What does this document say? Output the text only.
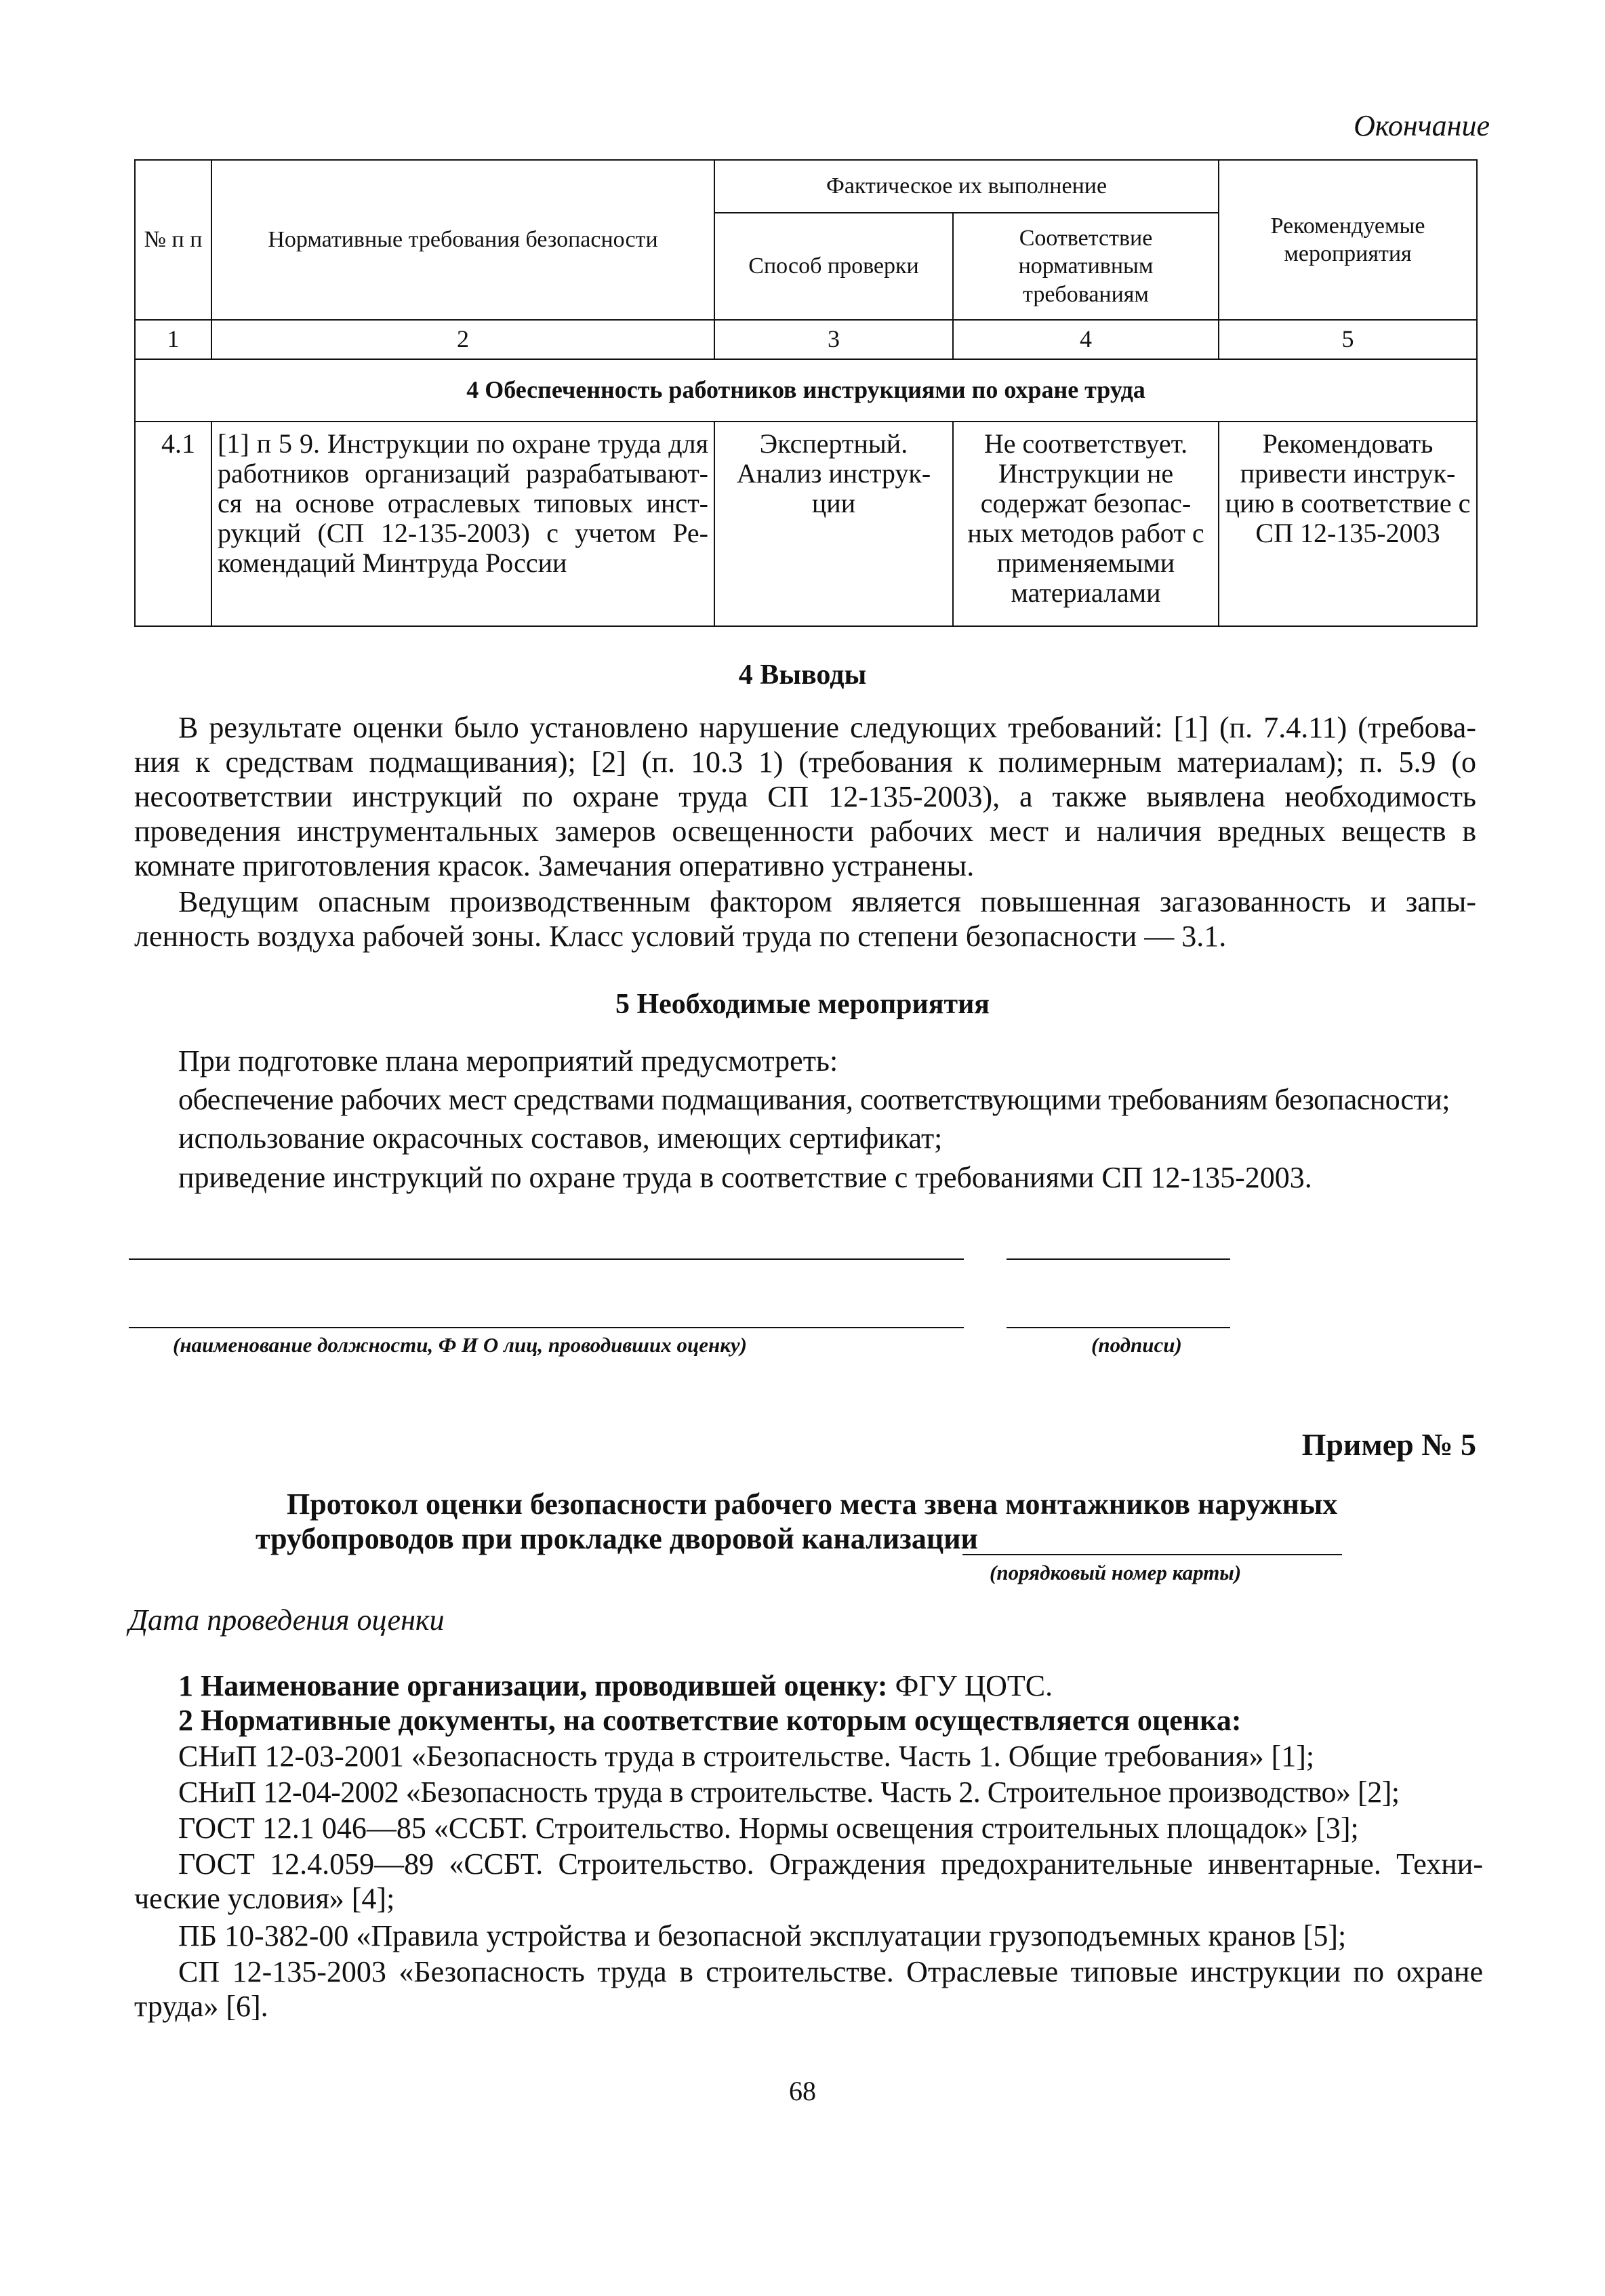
Окончание
№ п п	Нормативные требования безопасности	Фактическое их выполнение		Рекомендуемые мероприятия
		Способ проверки	Соответствие нормативным требованиям	
1	2	3	4	5
4 Обеспеченность работников инструкциями по охране труда				
4.1	[1] п 5 9. Инструкции по охране труда для работников организаций разрабатывают-ся на основе отраслевых типовых инст-рукций (СП 12-135-2003) с учетом Ре-комендаций Минтруда России	Экспертный. Анализ инструк-ции	Не соответствует. Инструкции не содержат безопас-ных методов работ с применяемыми материалами	Рекомендовать привести инструк-цию в соответствие с СП 12-135-2003
4 Выводы
В результате оценки было установлено нарушение следующих требований: [1] (п. 7.4.11) (требова-ния к средствам подмащивания); [2] (п. 10.3 1) (требования к полимерным материалам); п. 5.9 (о несоответствии инструкций по охране труда СП 12-135-2003), а также выявлена необходимость проведения инструментальных замеров освещенности рабочих мест и наличия вредных веществ в комнате приготовления красок. Замечания оперативно устранены.
Ведущим опасным производственным фактором является повышенная загазованность и запы-ленность воздуха рабочей зоны. Класс условий труда по степени безопасности — 3.1.
5 Необходимые мероприятия
При подготовке плана мероприятий предусмотреть:
обеспечение рабочих мест средствами подмащивания, соответствующими требованиям безопасности;
использование окрасочных составов, имеющих сертификат;
приведение инструкций по охране труда в соответствие с требованиями СП 12-135-2003.
(наименование должности, Ф И О лиц, проводивших оценку)	(подписи)
Пример № 5
Протокол оценки безопасности рабочего места звена монтажников наружных
трубопроводов при прокладке дворовой канализации
(порядковый номер карты)
Дата проведения оценки
1 Наименование организации, проводившей оценку: ФГУ ЦОТС.
2 Нормативные документы, на соответствие которым осуществляется оценка:
СНиП 12-03-2001 «Безопасность труда в строительстве. Часть 1. Общие требования» [1];
СНиП 12-04-2002 «Безопасность труда в строительстве. Часть 2. Строительное производство» [2];
ГОСТ 12.1 046—85 «ССБТ. Строительство. Нормы освещения строительных площадок» [3];
ГОСТ 12.4.059—89 «ССБТ. Строительство. Ограждения предохранительные инвентарные. Техни-ческие условия» [4];
ПБ 10-382-00 «Правила устройства и безопасной эксплуатации грузоподъемных кранов [5];
СП 12-135-2003 «Безопасность труда в строительстве. Отраслевые типовые инструкции по охране труда» [6].
68
